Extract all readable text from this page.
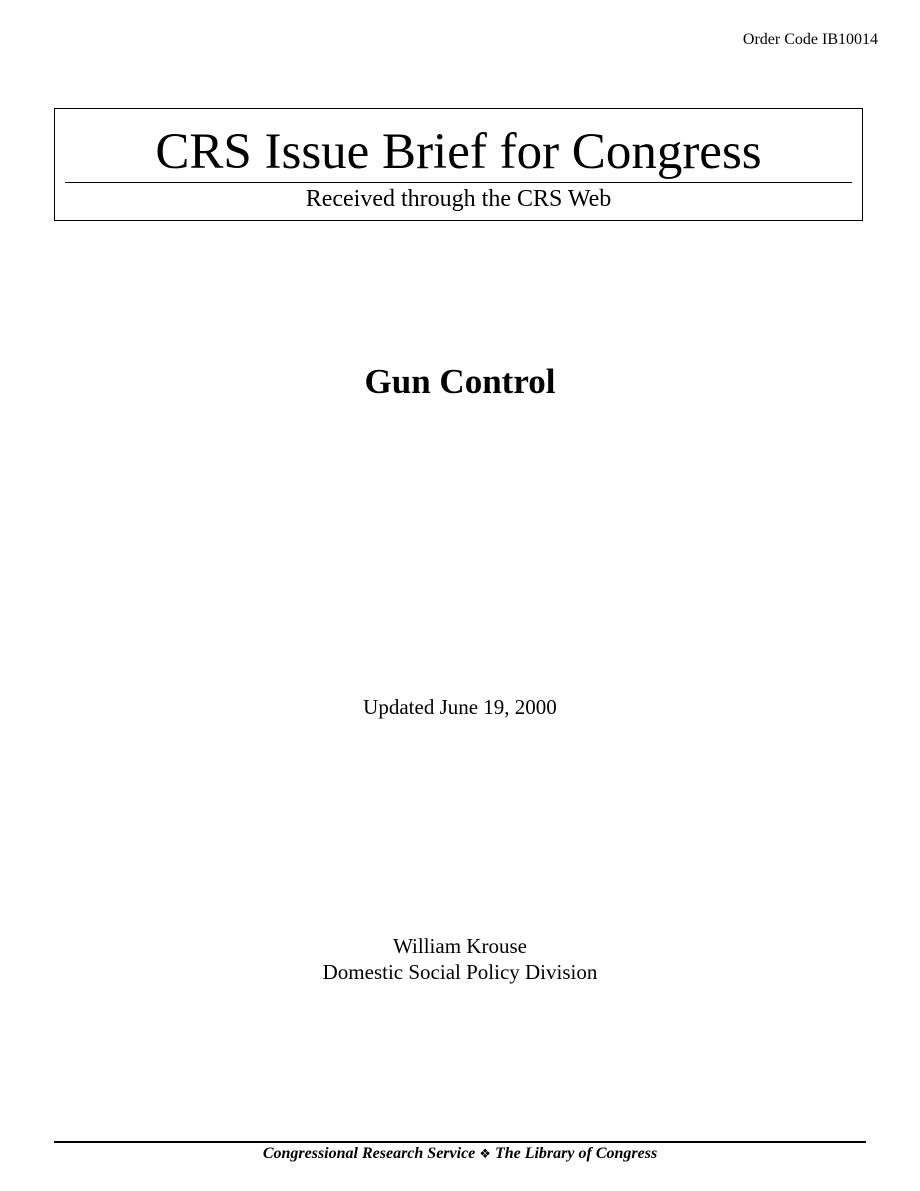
Order Code IB10014
CRS Issue Brief for Congress
Received through the CRS Web
Gun Control
Updated June 19, 2000
William Krouse
Domestic Social Policy Division
Congressional Research Service ❖ The Library of Congress
